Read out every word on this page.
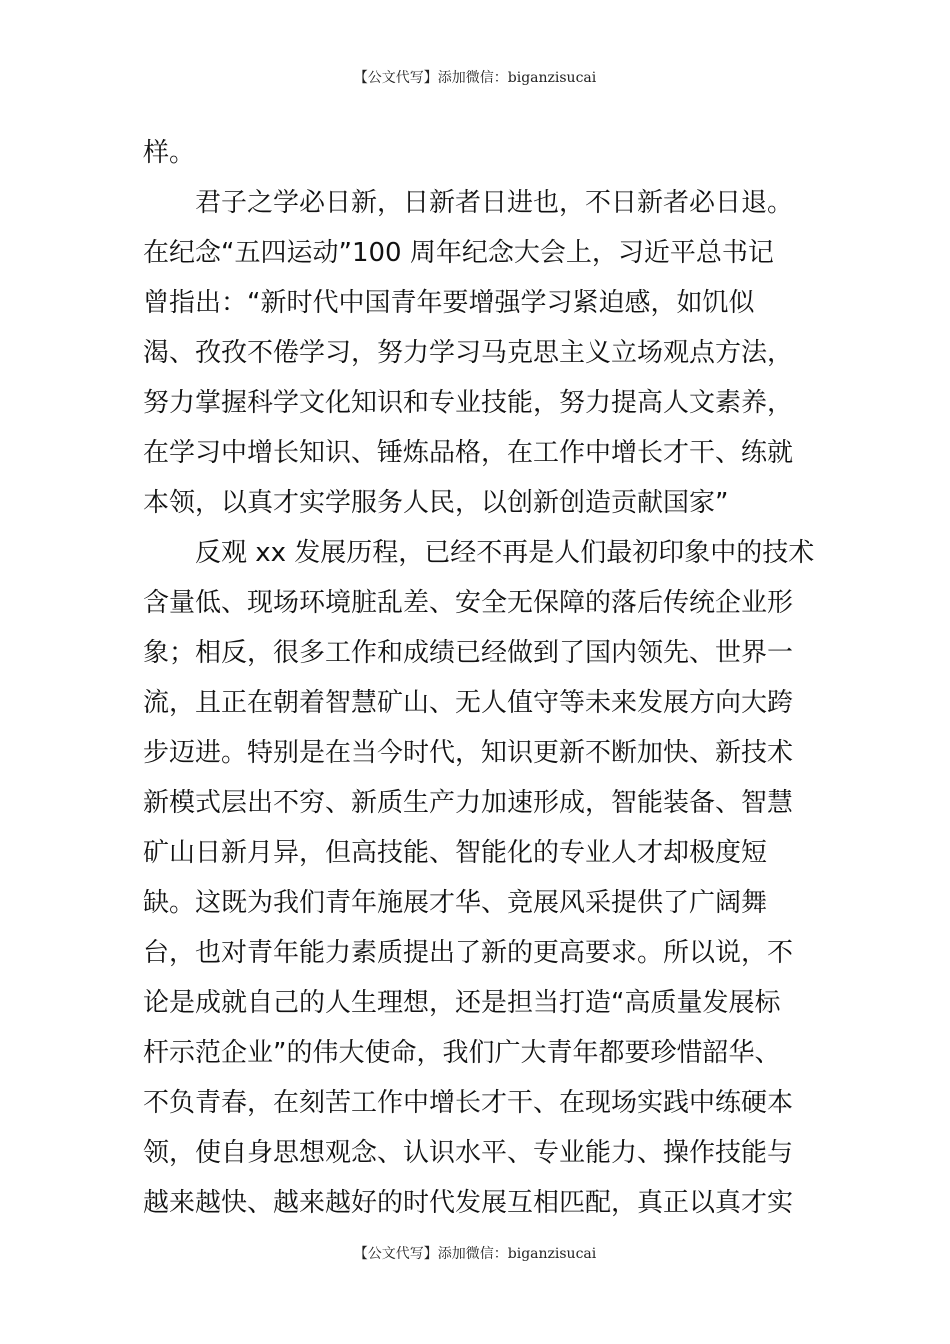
【公文代写】添加微信：biganzisucai
样。
君子之学必日新，日新者日进也，不日新者必日退。
在纪念“五四运动”100 周年纪念大会上，习近平总书记
曾指出：“新时代中国青年要增强学习紧迫感，如饥似
渴、孜孜不倦学习，努力学习马克思主义立场观点方法，
努力掌握科学文化知识和专业技能，努力提高人文素养，
在学习中增长知识、锤炼品格，在工作中增长才干、练就
本领，以真才实学服务人民，以创新创造贡献国家”
反观 xx 发展历程，已经不再是人们最初印象中的技术
含量低、现场环境脏乱差、安全无保障的落后传统企业形
象；相反，很多工作和成绩已经做到了国内领先、世界一
流，且正在朝着智慧矿山、无人值守等未来发展方向大跨
步迈进。特别是在当今时代，知识更新不断加快、新技术
新模式层出不穷、新质生产力加速形成，智能装备、智慧
矿山日新月异，但高技能、智能化的专业人才却极度短
缺。这既为我们青年施展才华、竞展风采提供了广阔舞
台，也对青年能力素质提出了新的更高要求。所以说，不
论是成就自己的人生理想，还是担当打造“高质量发展标
杆示范企业”的伟大使命，我们广大青年都要珍惜韶华、
不负青春，在刻苦工作中增长才干、在现场实践中练硬本
领，使自身思想观念、认识水平、专业能力、操作技能与
越来越快、越来越好的时代发展互相匹配，真正以真才实
【公文代写】添加微信：biganzisucai
